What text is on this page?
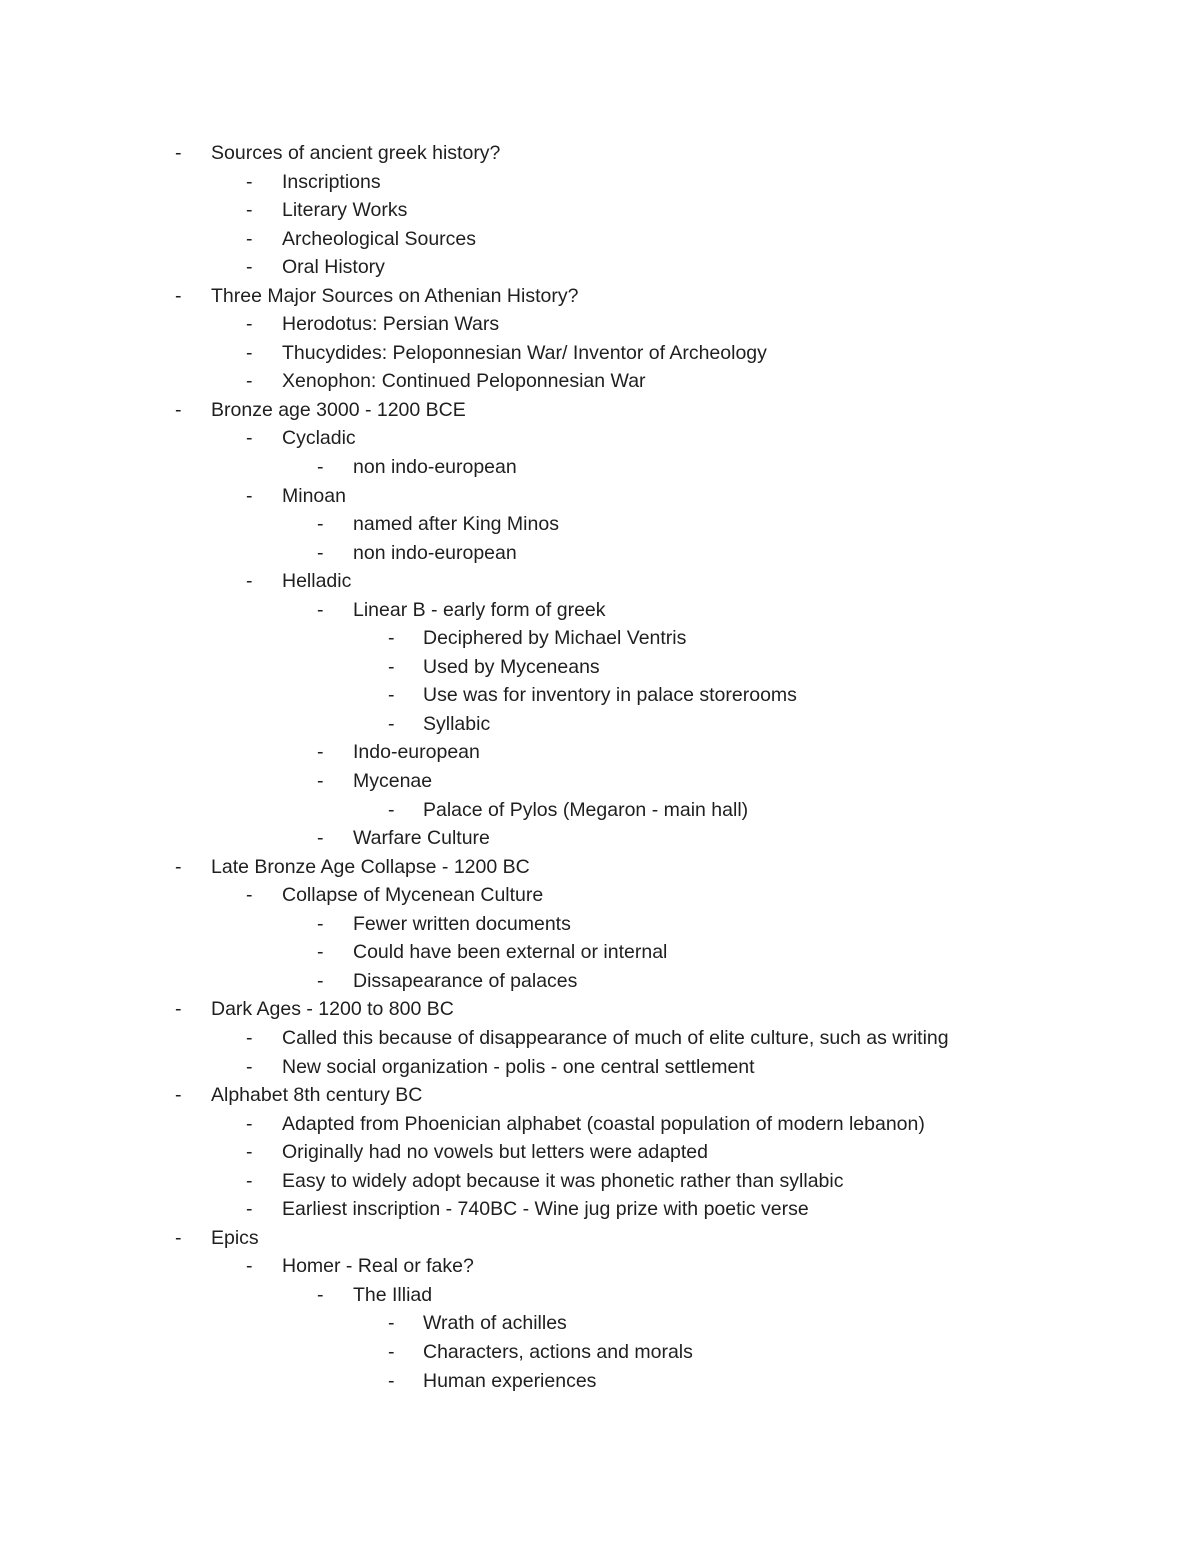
- Sources of ancient greek history?
- Inscriptions
- Literary Works
- Archeological Sources
- Oral History
- Three Major Sources on Athenian History?
- Herodotus: Persian Wars
- Thucydides: Peloponnesian War/ Inventor of Archeology
- Xenophon: Continued Peloponnesian War
- Bronze age 3000 - 1200 BCE
- Cycladic
- non indo-european
- Minoan
- named after King Minos
- non indo-european
- Helladic
- Linear B - early form of greek
- Deciphered by Michael Ventris
- Used by Myceneans
- Use was for inventory in palace storerooms
- Syllabic
- Indo-european
- Mycenae
- Palace of Pylos (Megaron - main hall)
- Warfare Culture
- Late Bronze Age Collapse - 1200 BC
- Collapse of Mycenean Culture
- Fewer written documents
- Could have been external or internal
- Dissapearance of palaces
- Dark Ages - 1200 to 800 BC
- Called this because of disappearance of much of elite culture, such as writing
- New social organization - polis - one central settlement
- Alphabet 8th century BC
- Adapted from Phoenician alphabet (coastal population of modern lebanon)
- Originally had no vowels but letters were adapted
- Easy to widely adopt because it was phonetic rather than syllabic
- Earliest inscription - 740BC - Wine jug prize with poetic verse
- Epics
- Homer - Real or fake?
- The Illiad
- Wrath of achilles
- Characters, actions and morals
- Human experiences
